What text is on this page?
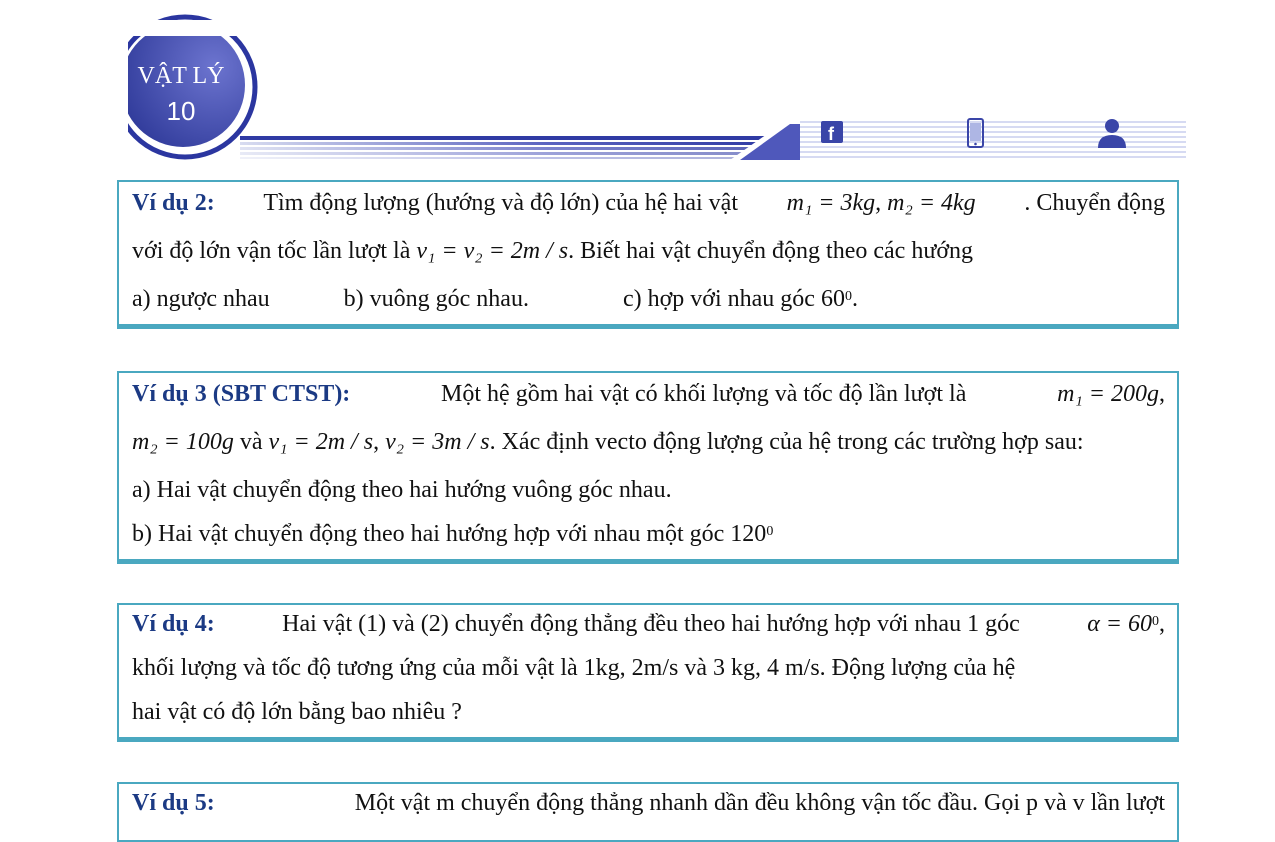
VẬT LÝ
10
f
Ví dụ 2: Tìm động lượng (hướng và độ lớn) của hệ hai vật m₁ = 3kg, m₂ = 4kg . Chuyển động
với độ lớn vận tốc lần lượt là v₁ = v₂ = 2m / s. Biết hai vật chuyển động theo các hướng
a) ngược nhau	b) vuông góc nhau.	c) hợp với nhau góc $60^0$.
Ví dụ 3 (SBT CTST):	Một hệ gồm hai vật có khối lượng và tốc độ lần lượt là	m₁ = 200g,
m₂ = 100g và v₁ = 2m / s, v₂ = 3m / s. Xác định vecto động lượng của hệ trong các trường hợp sau:
a) Hai vật chuyển động theo hai hướng vuông góc nhau.
b) Hai vật chuyển động theo hai hướng hợp với nhau một góc $120^0$
Ví dụ 4:	Hai vật (1) và (2) chuyển động thẳng đều theo hai hướng hợp với nhau 1 góc	$\alpha = 60^0$,
khối lượng và tốc độ tương ứng của mỗi vật là 1kg, 2m/s và 3 kg, 4 m/s. Động lượng của hệ
hai vật có độ lớn bằng bao nhiêu ?
Ví dụ 5:	Một vật m chuyển động thẳng nhanh dần đều không vận tốc đầu. Gọi p và v lần lượt
